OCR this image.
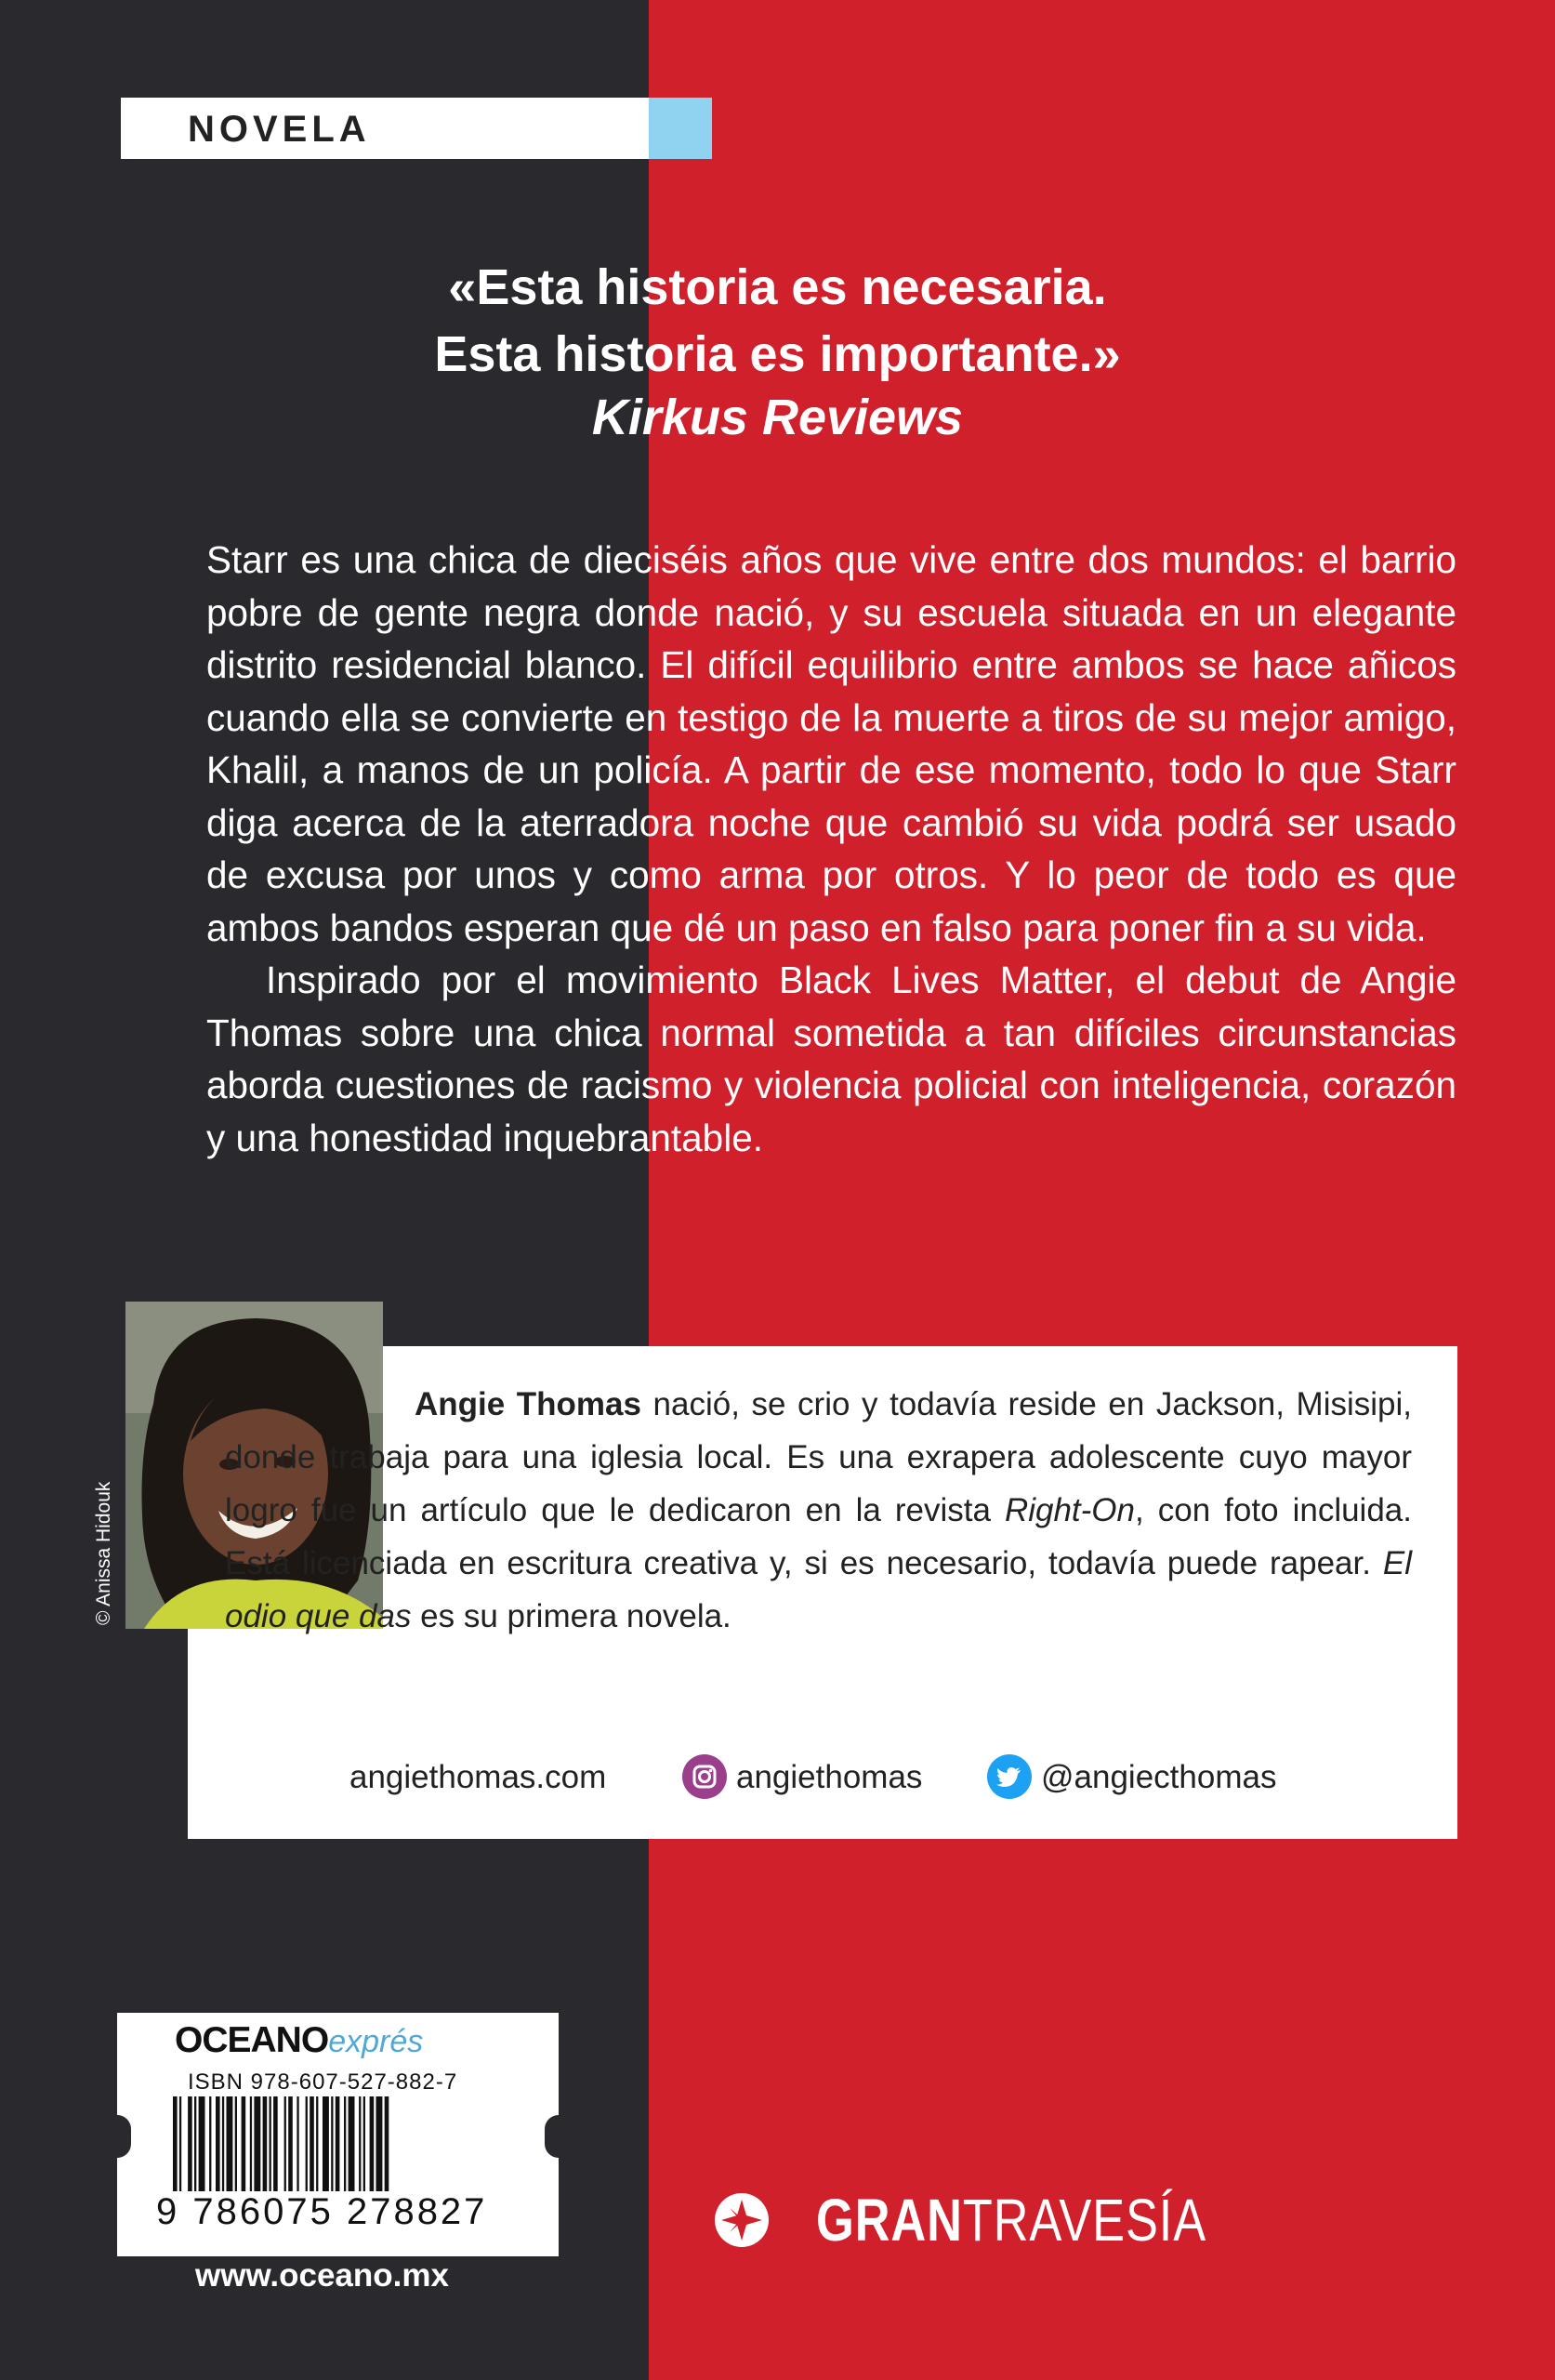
NOVELA
«Esta historia es necesaria.
Esta historia es importante.»
Kirkus Reviews

Starr es una chica de dieciséis años que vive entre dos mundos: el barrio pobre de gente negra donde nació, y su escuela situada en un elegante distrito residencial blanco. El difícil equilibrio entre ambos se hace añicos cuando ella se convierte en testigo de la muerte a tiros de su mejor amigo, Khalil, a manos de un policía. A partir de ese momento, todo lo que Starr diga acerca de la aterradora noche que cambió su vida podrá ser usado de excusa por unos y como arma por otros. Y lo peor de todo es que ambos bandos esperan que dé un paso en falso para poner fin a su vida.

Inspirado por el movimiento Black Lives Matter, el debut de Angie Thomas sobre una chica normal sometida a tan difíciles circunstancias aborda cuestiones de racismo y violencia policial con inteligencia, corazón y una honestidad inquebrantable.

© Anissa Hidouk
Angie Thomas nació, se crio y todavía reside en Jackson, Misisipi, donde trabaja para una iglesia local. Es una exrapera adolescente cuyo mayor logro fue un artículo que le dedicaron en la revista Right-On, con foto incluida. Está licenciada en escritura creativa y, si es necesario, todavía puede rapear. El odio que das es su primera novela.
angiethomas.com	angiethomas	@angiecthomas
OCEANOexprés
ISBN 978-607-527-882-7
9 786075 278827
www.oceano.mx
GRANTRAVESÍA
